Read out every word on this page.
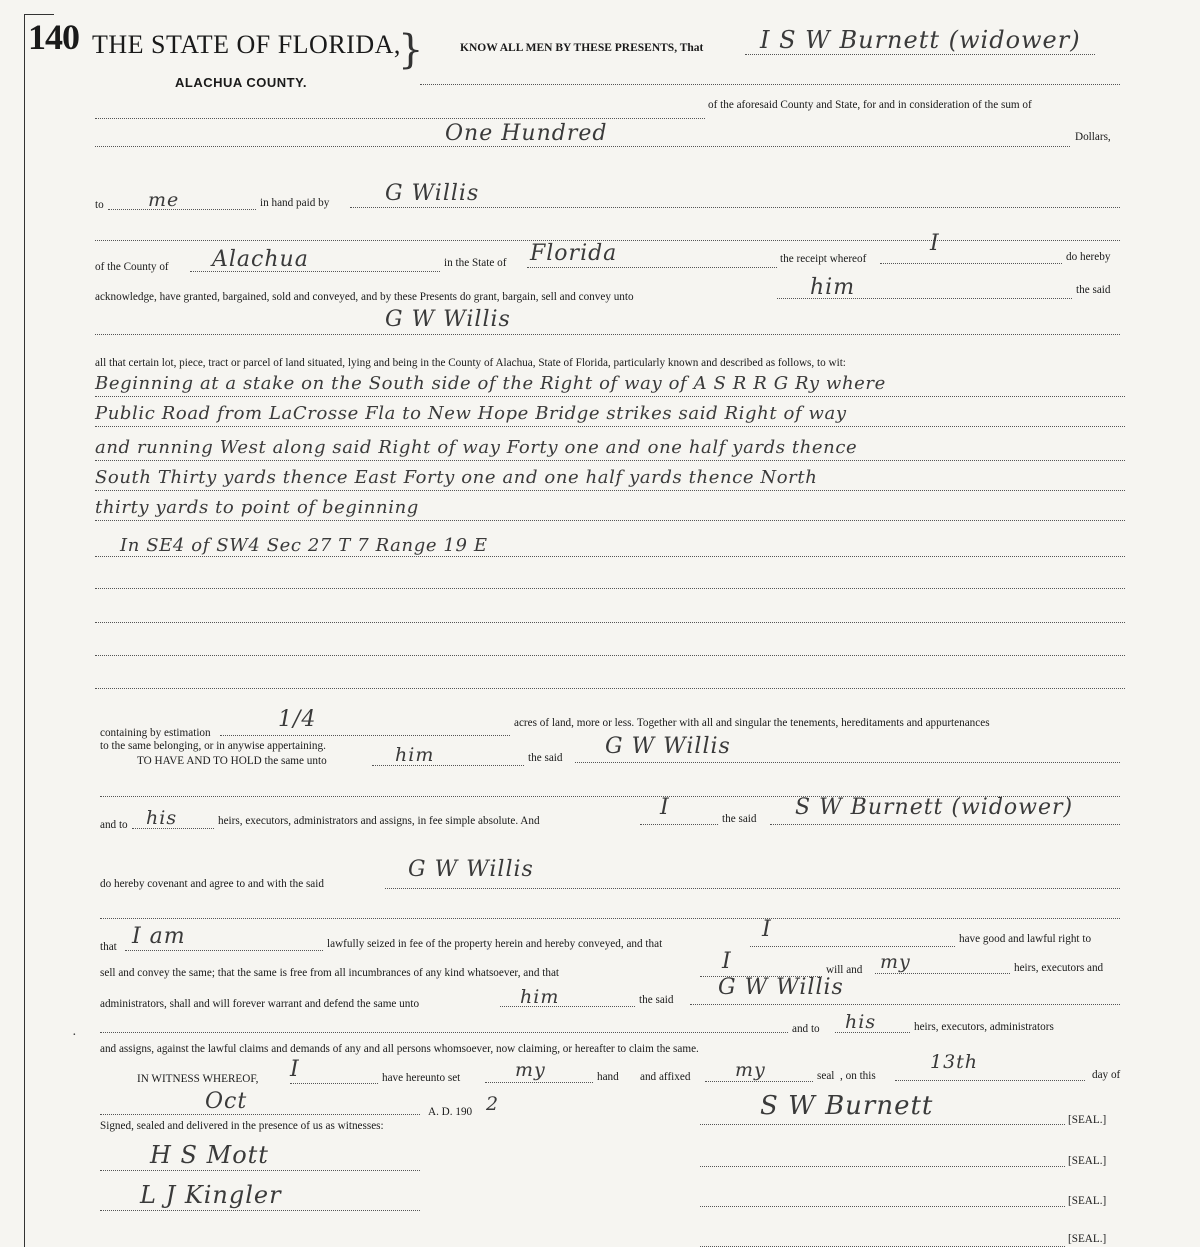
140 THE STATE OF FLORIDA,
}
ALACHUA COUNTY.
KNOW ALL MEN BY THESE PRESENTS, That I S W Burnett (widower)
of the aforesaid County and State, for and in consideration of the sum of
One Hundred	Dollars,
to me	in hand paid by	G Willis
of the County of Alachua	in the State of Florida	the receipt whereof
I
do hereby
acknowledge, have granted, bargained, sold and conveyed, and by these Presents do grant, bargain, sell and convey unto	him	the said
G W Willis
all that certain lot, piece, tract or parcel of land situated, lying and being in the County of Alachua, State of Florida, particularly known and described as follows, to wit:
Beginning at a stake on the South side of the Right of way of A S R R G Ry where
Public Road from LaCrosse Fla to New Hope Bridge strikes said Right of way
and running West along said Right of way Forty one and one half yards thence
South Thirty yards thence East Forty one and one half yards thence North
thirty yards to point of beginning
In SE4 of SW4 Sec 27 T 7 Range 19 E
containing by estimation
1/4	acres of land, more or less. Together with all and singular the tenements, hereditaments and appurtenances
to the same belonging, or in anywise appertaining.
TO HAVE AND TO HOLD the same unto	him	the said G W Willis
and to his	heirs, executors, administrators and assigns, in fee simple absolute. And
I	the said S W Burnett (widower)
do hereby covenant and agree to and with the said
G W Willis
that I am	lawfully seized in fee of the property herein and hereby conveyed, and that
I	have good and lawful right to
sell and convey the same; that the same is free from all incumbrances of any kind whatsoever, and that	I	will and my	heirs, executors and
administrators, shall and will forever warrant and defend the same unto	him	the said G W Willis
and to his	heirs, executors, administrators
and assigns, against the lawful claims and demands of any and all persons whomsoever, now claiming, or hereafter to claim the same.
IN WITNESS WHEREOF, I	have hereunto set	my	hand and affixed my	seal , on this
13th
day of
Oct	A. D. 190 2
Signed, sealed and delivered in the presence of us as witnesses:
S W Burnett	[SEAL.]
H S Mott	[SEAL.]
L J Kingler	[SEAL.]
[SEAL.]
·
